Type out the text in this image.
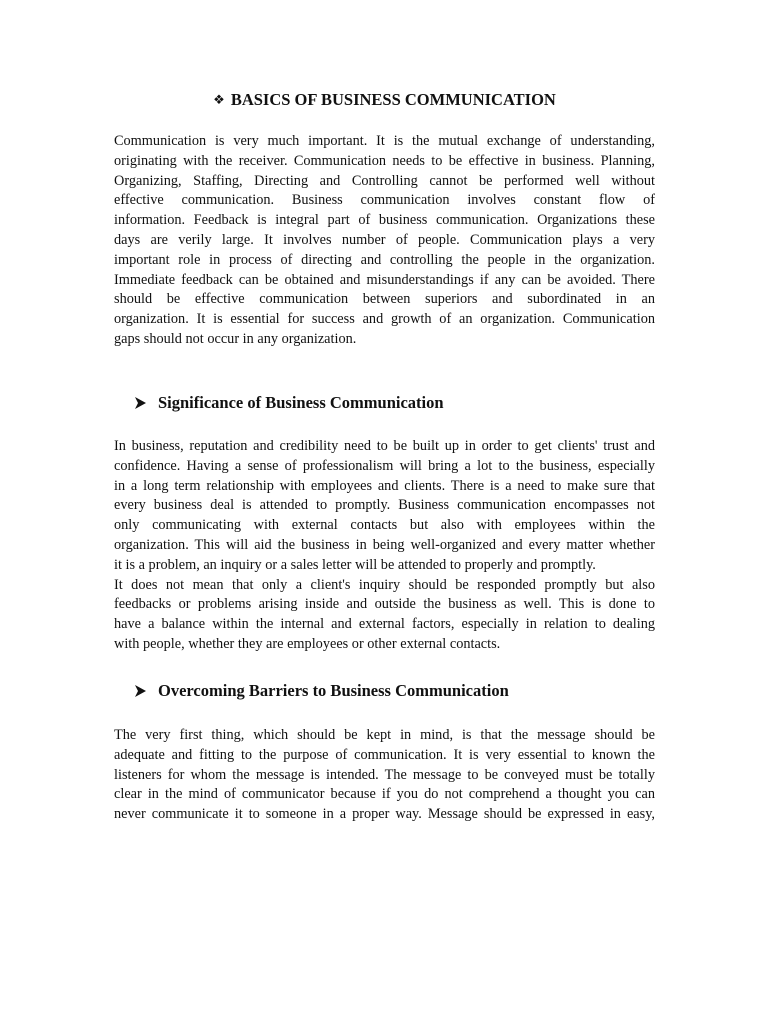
❖ BASICS OF BUSINESS COMMUNICATION
Communication is very much important. It is the mutual exchange of understanding,
originating with the receiver. Communication needs to be effective in business. Planning,
Organizing, Staffing, Directing and Controlling cannot be performed well without
effective communication. Business communication involves constant flow of
information. Feedback is integral part of business communication. Organizations these
days are verily large. It involves number of people. Communication plays a very
important role in process of directing and controlling the people in the organization.
Immediate feedback can be obtained and misunderstandings if any can be avoided. There
should be effective communication between superiors and subordinated in an
organization. It is essential for success and growth of an organization. Communication
gaps should not occur in any organization.
Significance of Business Communication
In business, reputation and credibility need to be built up in order to get clients' trust and
confidence. Having a sense of professionalism will bring a lot to the business, especially
in a long term relationship with employees and clients. There is a need to make sure that
every business deal is attended to promptly. Business communication encompasses not
only communicating with external contacts but also with employees within the
organization. This will aid the business in being well-organized and every matter whether
it is a problem, an inquiry or a sales letter will be attended to properly and promptly.
It does not mean that only a client's inquiry should be responded promptly but also
feedbacks or problems arising inside and outside the business as well. This is done to
have a balance within the internal and external factors, especially in relation to dealing
with people, whether they are employees or other external contacts.
Overcoming Barriers to Business Communication
The very first thing, which should be kept in mind, is that the message should be
adequate and fitting to the purpose of communication. It is very essential to known the
listeners for whom the message is intended. The message to be conveyed must be totally
clear in the mind of communicator because if you do not comprehend a thought you can
never communicate it to someone in a proper way. Message should be expressed in easy,
